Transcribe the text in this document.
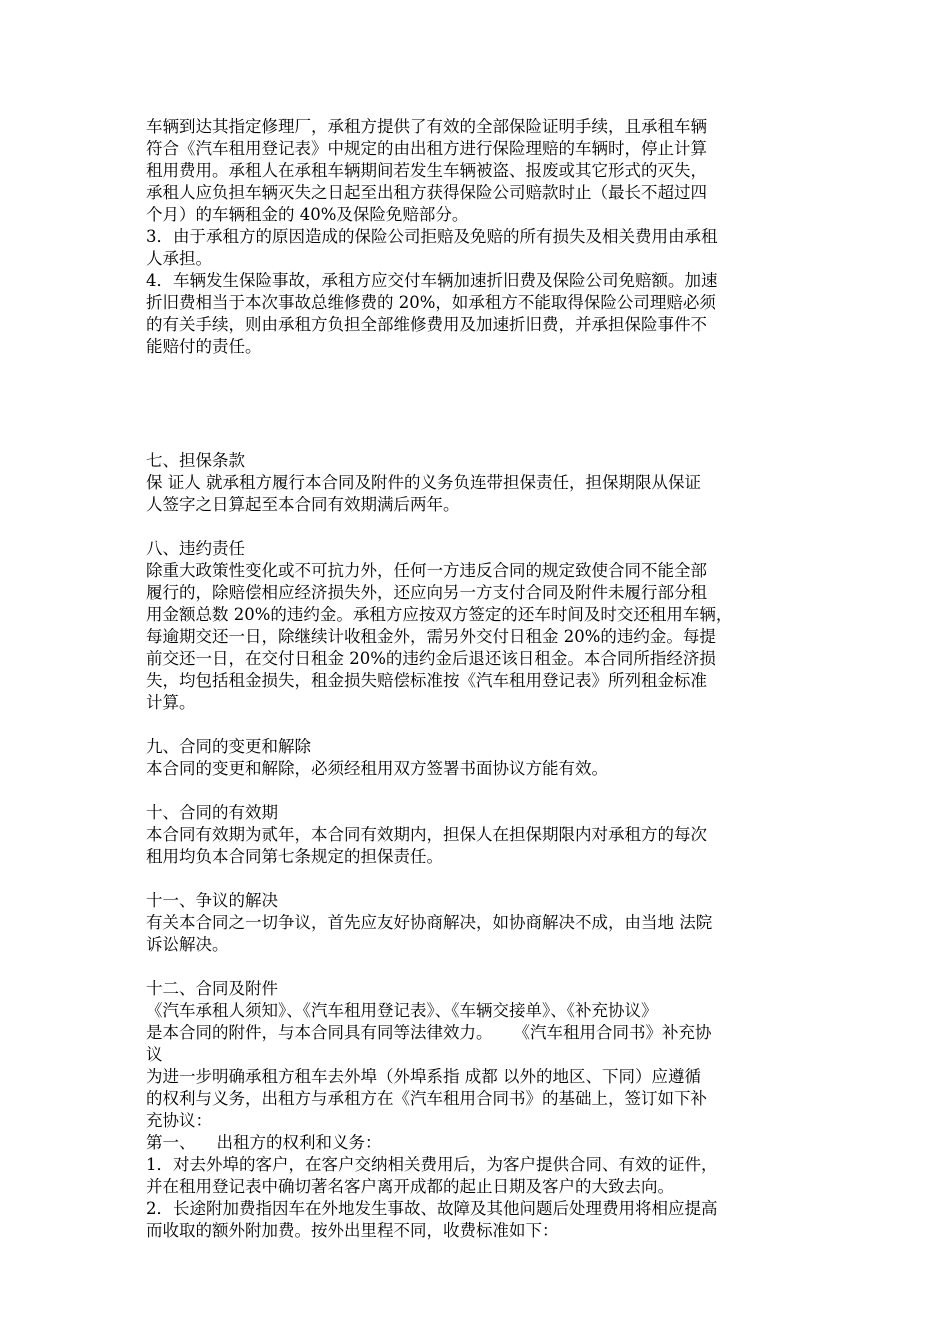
车辆到达其指定修理厂，承租方提供了有效的全部保险证明手续，且承租车辆
符合《汽车租用登记表》中规定的由出租方进行保险理赔的车辆时，停止计算
租用费用。承租人在承租车辆期间若发生车辆被盗、报废或其它形式的灭失，
承租人应负担车辆灭失之日起至出租方获得保险公司赔款时止（最长不超过四
个月）的车辆租金的 40%及保险免赔部分。
3．由于承租方的原因造成的保险公司拒赔及免赔的所有损失及相关费用由承租
人承担。
4．车辆发生保险事故，承租方应交付车辆加速折旧费及保险公司免赔额。加速
折旧费相当于本次事故总维修费的 20%，如承租方不能取得保险公司理赔必须
的有关手续，则由承租方负担全部维修费用及加速折旧费，并承担保险事件不
能赔付的责任。
七、担保条款
保 证人 就承租方履行本合同及附件的义务负连带担保责任，担保期限从保证
人签字之日算起至本合同有效期满后两年。
八、违约责任
除重大政策性变化或不可抗力外，任何一方违反合同的规定致使合同不能全部
履行的，除赔偿相应经济损失外，还应向另一方支付合同及附件未履行部分租
用金额总数 20%的违约金。承租方应按双方签定的还车时间及时交还租用车辆，
每逾期交还一日，除继续计收租金外，需另外交付日租金 20%的违约金。每提
前交还一日，在交付日租金 20%的违约金后退还该日租金。本合同所指经济损
失，均包括租金损失，租金损失赔偿标准按《汽车租用登记表》所列租金标准
计算。
九、合同的变更和解除
本合同的变更和解除，必须经租用双方签署书面协议方能有效。
十、合同的有效期
本合同有效期为贰年，本合同有效期内，担保人在担保期限内对承租方的每次
租用均负本合同第七条规定的担保责任。
十一、争议的解决
有关本合同之一切争议，首先应友好协商解决，如协商解决不成，由当地 法院
诉讼解决。
十二、合同及附件
《汽车承租人须知》、《汽车租用登记表》、《车辆交接单》、《补充协议》
是本合同的附件，与本合同具有同等法律效力。    《汽车租用合同书》补充协
议
为进一步明确承租方租车去外埠（外埠系指 成都 以外的地区、下同）应遵循
的权利与义务，出租方与承租方在《汽车租用合同书》的基础上，签订如下补
充协议：
第一、    出租方的权利和义务：
1．对去外埠的客户，在客户交纳相关费用后，为客户提供合同、有效的证件，
并在租用登记表中确切著名客户离开成都的起止日期及客户的大致去向。
2．长途附加费指因车在外地发生事故、故障及其他问题后处理费用将相应提高
而收取的额外附加费。按外出里程不同，收费标准如下：
